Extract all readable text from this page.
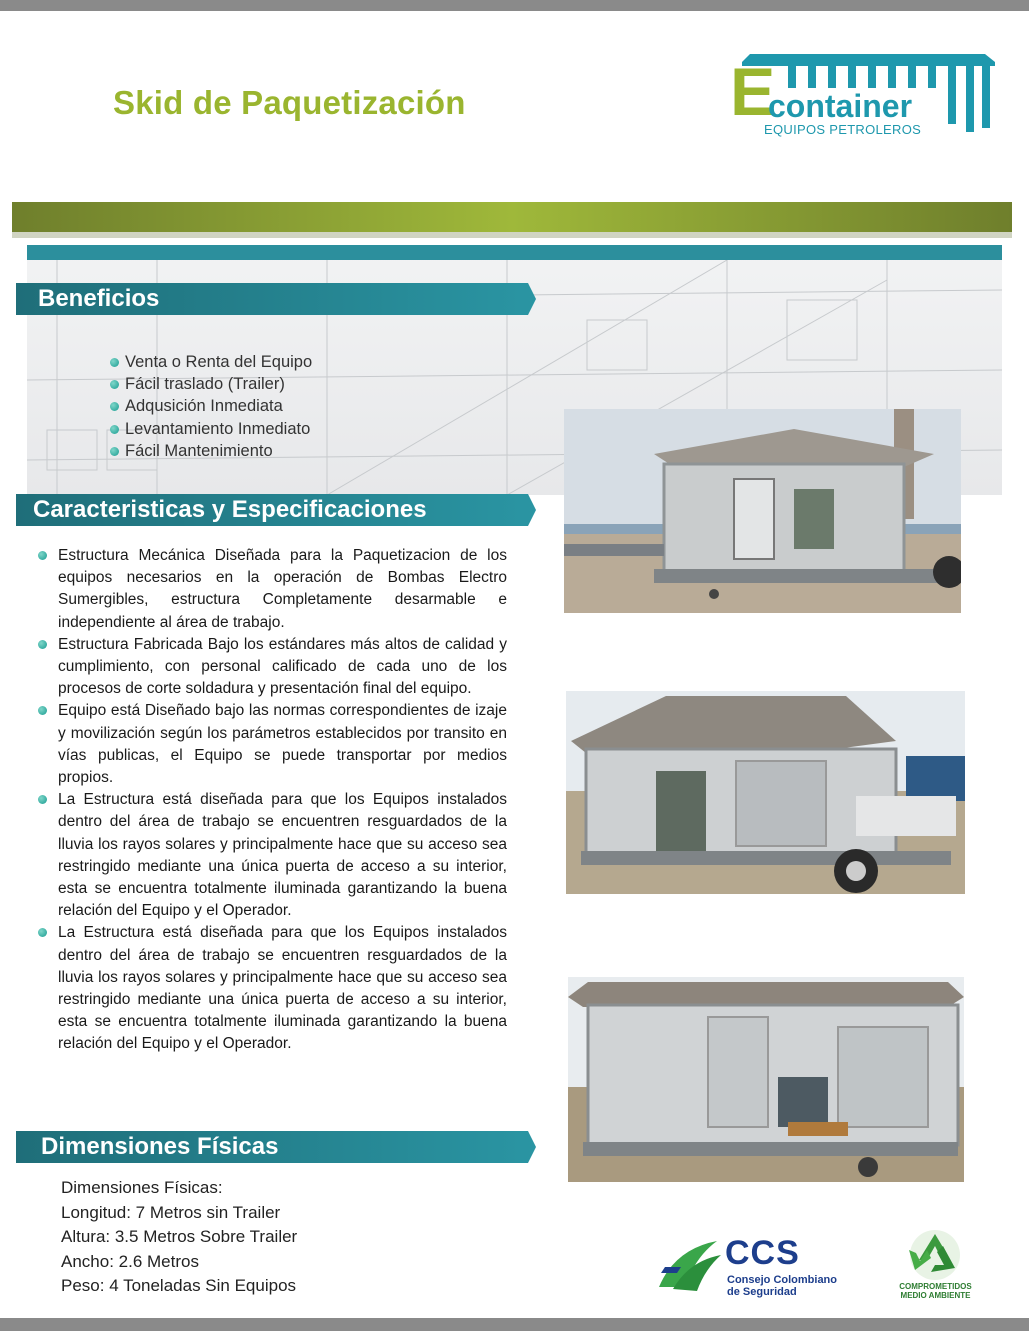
Skid de Paquetización	E
container
EQUIPOS PETROLEROS
Beneficios
Venta o Renta del Equipo
Fácil traslado (Trailer)
Adqusición Inmediata
Levantamiento Inmediato
Fácil Mantenimiento
Caracteristicas y Especificaciones
Estructura Mecánica Diseñada para la Paquetizacion de los equipos necesarios en la operación de Bombas Electro Sumergibles, estructura Completamente desarmable e independiente al área de trabajo.
Estructura Fabricada Bajo los estándares más altos de calidad y cumplimiento, con personal calificado de cada uno de los procesos de corte soldadura y presentación final del equipo.
Equipo está Diseñado bajo las normas correspondientes de izaje y movilización según los parámetros establecidos por transito en vías publicas, el Equipo se puede transportar por medios propios.
La Estructura está diseñada para que los Equipos instalados dentro del área de trabajo se encuentren resguardados de la lluvia los rayos solares y principalmente hace que su acceso sea restringido mediante una única puerta de acceso a su interior, esta se encuentra totalmente iluminada garantizando la buena relación del Equipo y el Operador.
La Estructura está diseñada para que los Equipos instalados dentro del área de trabajo se encuentren resguardados de la lluvia los rayos solares y principalmente hace que su acceso sea restringido mediante una única puerta de acceso a su interior, esta se encuentra totalmente iluminada garantizando la buena relación del Equipo y el Operador.
Dimensiones Físicas
Dimensiones Físicas:
Longitud: 7 Metros sin Trailer
Altura: 3.5 Metros Sobre Trailer
Ancho: 2.6 Metros
Peso: 4 Toneladas Sin Equipos
CCS
Consejo Colombiano
de Seguridad	COMPROMETIDOS
MEDIO AMBIENTE
